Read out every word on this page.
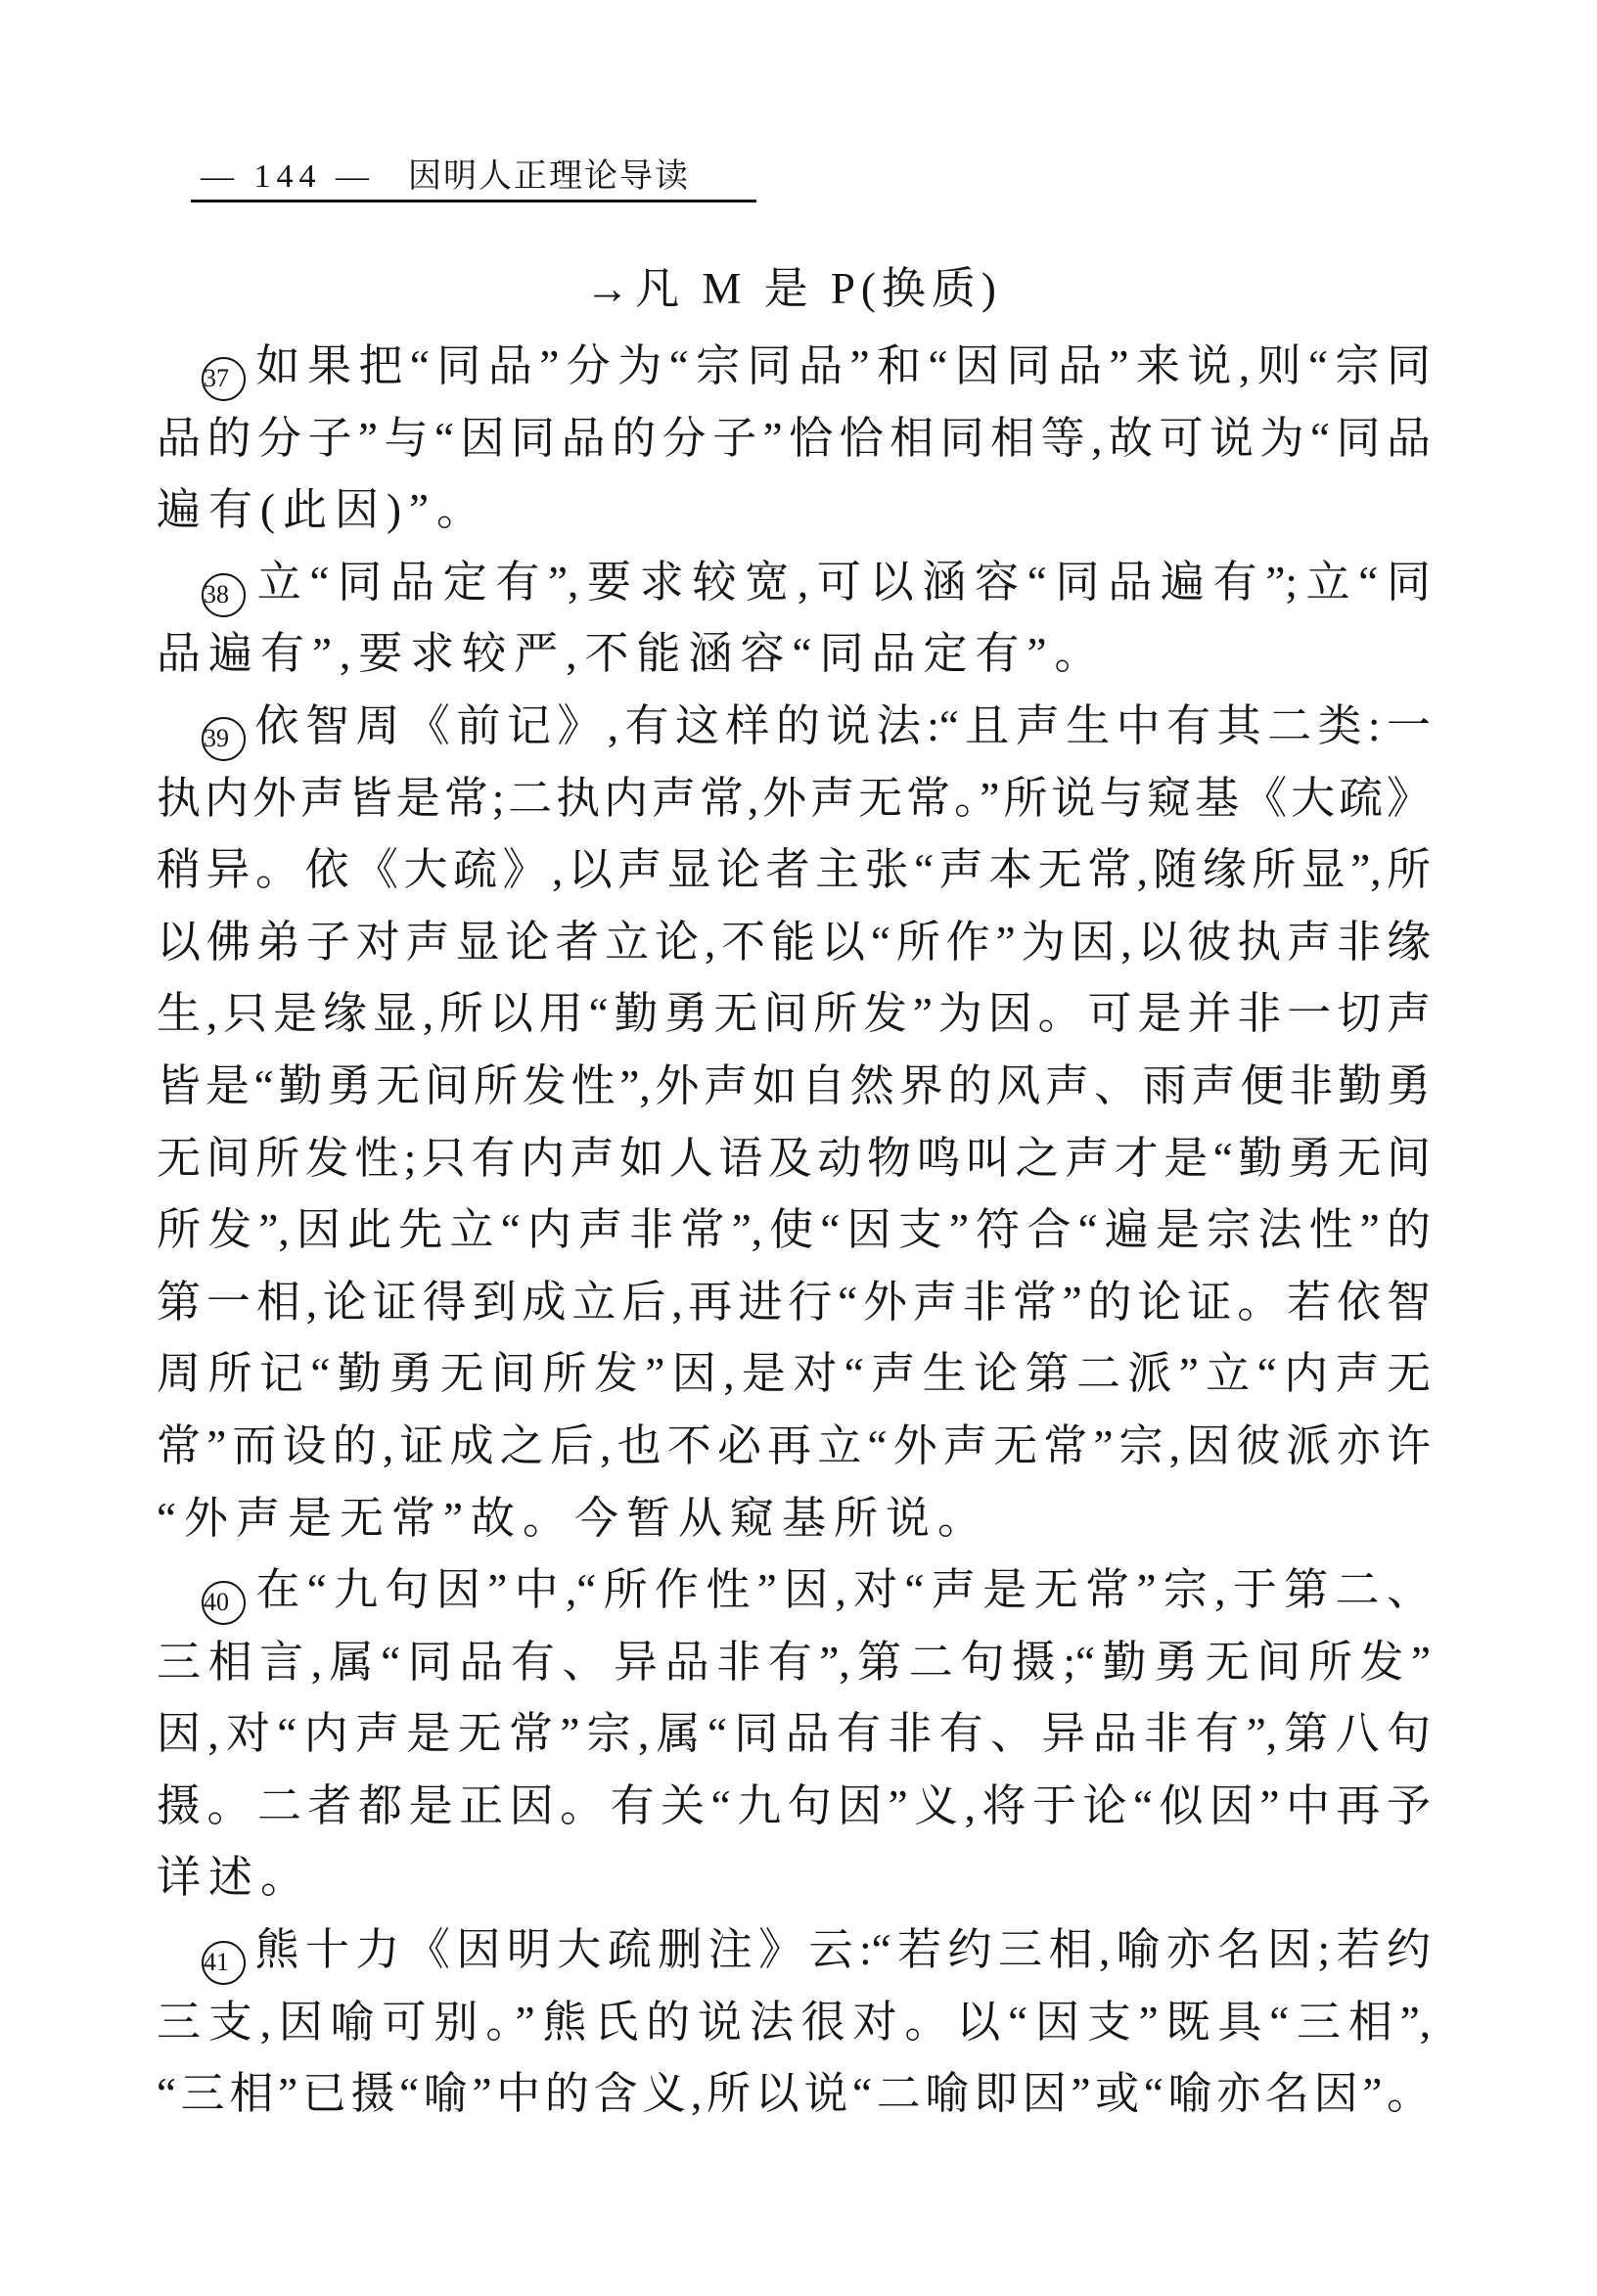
— 144 — 因明人正理论导读
→凡 M 是 P(换质)
37 如果把“同品”分为“宗同品”和“因同品”来说,则“宗同
品的分子”与“因同品的分子”恰恰相同相等,故可说为“同品
遍有(此因)”。
38 立“同品定有”,要求较宽,可以涵容“同品遍有”;立“同
品遍有”,要求较严,不能涵容“同品定有”。
39 依智周《前记》,有这样的说法:“且声生中有其二类:一
执内外声皆是常;二执内声常,外声无常。”所说与窥基《大疏》
稍异。依《大疏》,以声显论者主张“声本无常,随缘所显”,所
以佛弟子对声显论者立论,不能以“所作”为因,以彼执声非缘
生,只是缘显,所以用“勤勇无间所发”为因。可是并非一切声
皆是“勤勇无间所发性”,外声如自然界的风声、雨声便非勤勇
无间所发性;只有内声如人语及动物鸣叫之声才是“勤勇无间
所发”,因此先立“内声非常”,使“因支”符合“遍是宗法性”的
第一相,论证得到成立后,再进行“外声非常”的论证。若依智
周所记“勤勇无间所发”因,是对“声生论第二派”立“内声无
常”而设的,证成之后,也不必再立“外声无常”宗,因彼派亦许
“外声是无常”故。今暂从窥基所说。
40 在“九句因”中,“所作性”因,对“声是无常”宗,于第二、
三相言,属“同品有、异品非有”,第二句摄;“勤勇无间所发”
因,对“内声是无常”宗,属“同品有非有、异品非有”,第八句
摄。二者都是正因。有关“九句因”义,将于论“似因”中再予
详述。
41 熊十力《因明大疏删注》云:“若约三相,喻亦名因;若约
三支,因喻可别。”熊氏的说法很对。以“因支”既具“三相”,
“三相”已摄“喻”中的含义,所以说“二喻即因”或“喻亦名因”。
